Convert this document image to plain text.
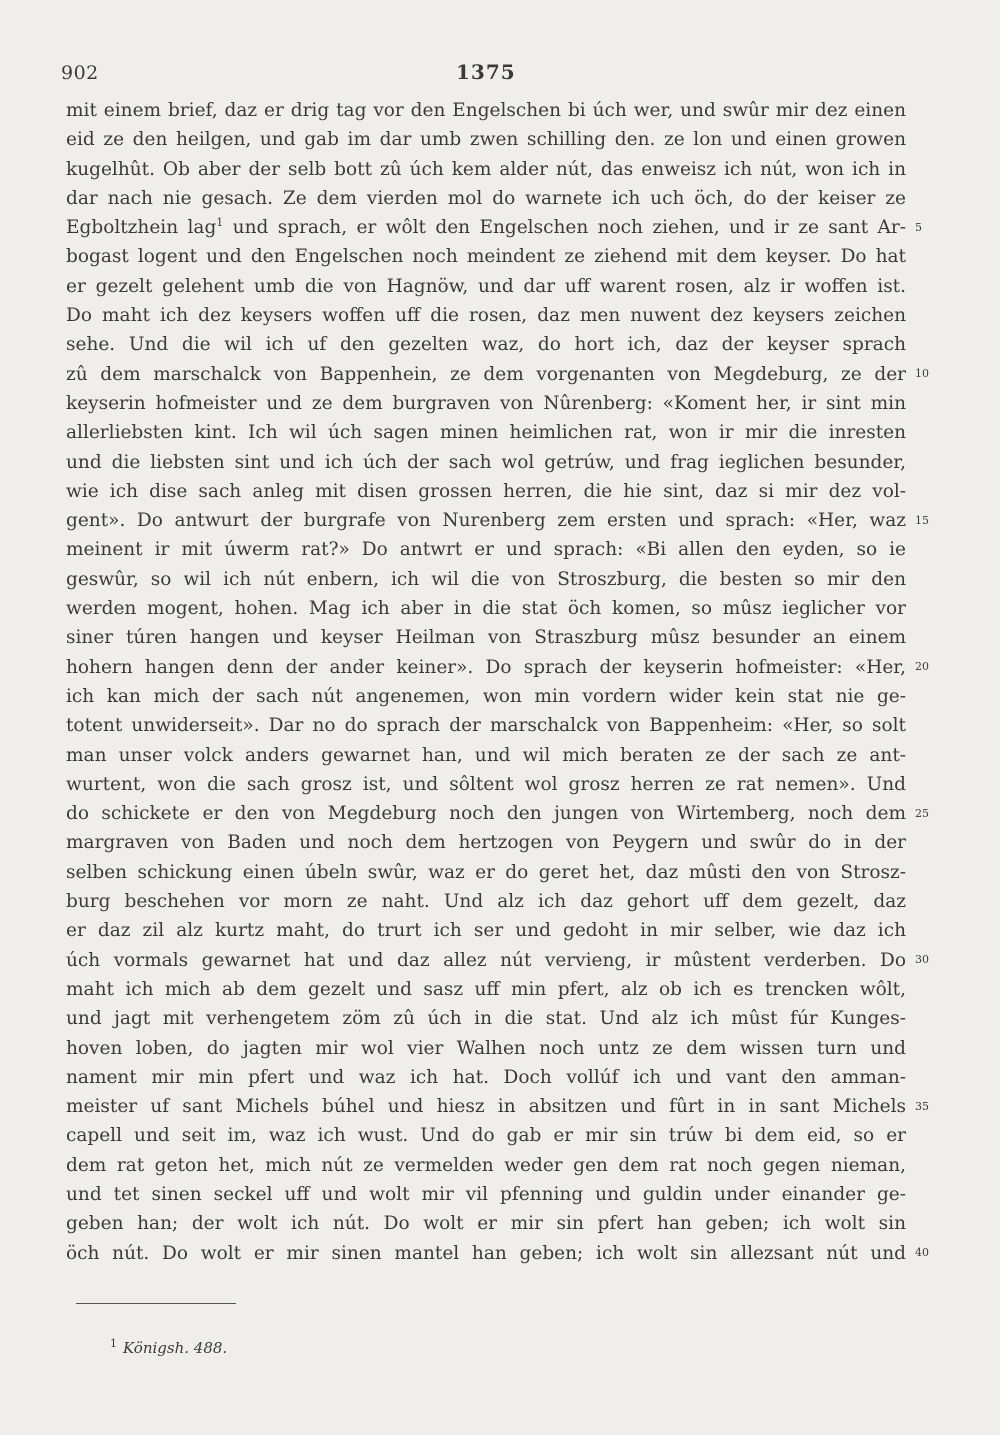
902	1375
mit einem brief, daz er drig tag vor den Engelschen bi úch wer, und swûr mir dez einen
eid ze den heilgen, und gab im dar umb zwen schilling den. ze lon und einen growen
kugelhût. Ob aber der selb bott zû úch kem alder nút, das enweisz ich nút, won ich in
dar nach nie gesach. Ze dem vierden mol do warnete ich uch öch, do der keiser ze
Egboltzhein lag$^1$ und sprach, er wôlt den Engelschen noch ziehen, und ir ze sant Ar-
bogast logent und den Engelschen noch meindent ze ziehend mit dem keyser. Do hat
er gezelt gelehent umb die von Hagnöw, und dar uff warent rosen, alz ir woffen ist.
Do maht ich dez keysers woffen uff die rosen, daz men nuwent dez keysers zeichen
sehe. Und die wil ich uf den gezelten waz, do hort ich, daz der keyser sprach
zû dem marschalck von Bappenhein, ze dem vorgenanten von Megdeburg, ze der
keyserin hofmeister und ze dem burgraven von Nûrenberg: «Koment her, ir sint min
allerliebsten kint. Ich wil úch sagen minen heimlichen rat, won ir mir die inresten
und die liebsten sint und ich úch der sach wol getrúw, und frag ieglichen besunder,
wie ich dise sach anleg mit disen grossen herren, die hie sint, daz si mir dez vol-
gent». Do antwurt der burgrafe von Nurenberg zem ersten und sprach: «Her, waz
meinent ir mit úwerm rat?» Do antwrt er und sprach: «Bi allen den eyden, so ie
geswûr, so wil ich nút enbern, ich wil die von Stroszburg, die besten so mir den
werden mogent, hohen. Mag ich aber in die stat öch komen, so mûsz ieglicher vor
siner túren hangen und keyser Heilman von Straszburg mûsz besunder an einem
hohern hangen denn der ander keiner». Do sprach der keyserin hofmeister: «Her,
ich kan mich der sach nút angenemen, won min vordern wider kein stat nie ge-
totent unwiderseit». Dar no do sprach der marschalck von Bappenheim: «Her, so solt
man unser volck anders gewarnet han, und wil mich beraten ze der sach ze ant-
wurtent, won die sach grosz ist, und sôltent wol grosz herren ze rat nemen». Und
do schickete er den von Megdeburg noch den jungen von Wirtemberg, noch dem
margraven von Baden und noch dem hertzogen von Peygern und swûr do in der
selben schickung einen úbeln swûr, waz er do geret het, daz mûsti den von Strosz-
burg beschehen vor morn ze naht. Und alz ich daz gehort uff dem gezelt, daz
er daz zil alz kurtz maht, do trurt ich ser und gedoht in mir selber, wie daz ich
úch vormals gewarnet hat und daz allez nút vervieng, ir mûstent verderben. Do
maht ich mich ab dem gezelt und sasz uff min pfert, alz ob ich es trencken wôlt,
und jagt mit verhengetem zöm zû úch in die stat. Und alz ich mûst fúr Kunges-
hoven loben, do jagten mir wol vier Walhen noch untz ze dem wissen turn und
nament mir min pfert und waz ich hat. Doch vollúf ich und vant den amman-
meister uf sant Michels búhel und hiesz in absitzen und fûrt in in sant Michels
capell und seit im, waz ich wust. Und do gab er mir sin trúw bi dem eid, so er
dem rat geton het, mich nút ze vermelden weder gen dem rat noch gegen nieman,
und tet sinen seckel uff und wolt mir vil pfenning und guldin under einander ge-
geben han; der wolt ich nút. Do wolt er mir sin pfert han geben; ich wolt sin
öch nút. Do wolt er mir sinen mantel han geben; ich wolt sin allezsant nút und
5
10
15
20
25
30
35
40
$^1$ Königsh. 488.
